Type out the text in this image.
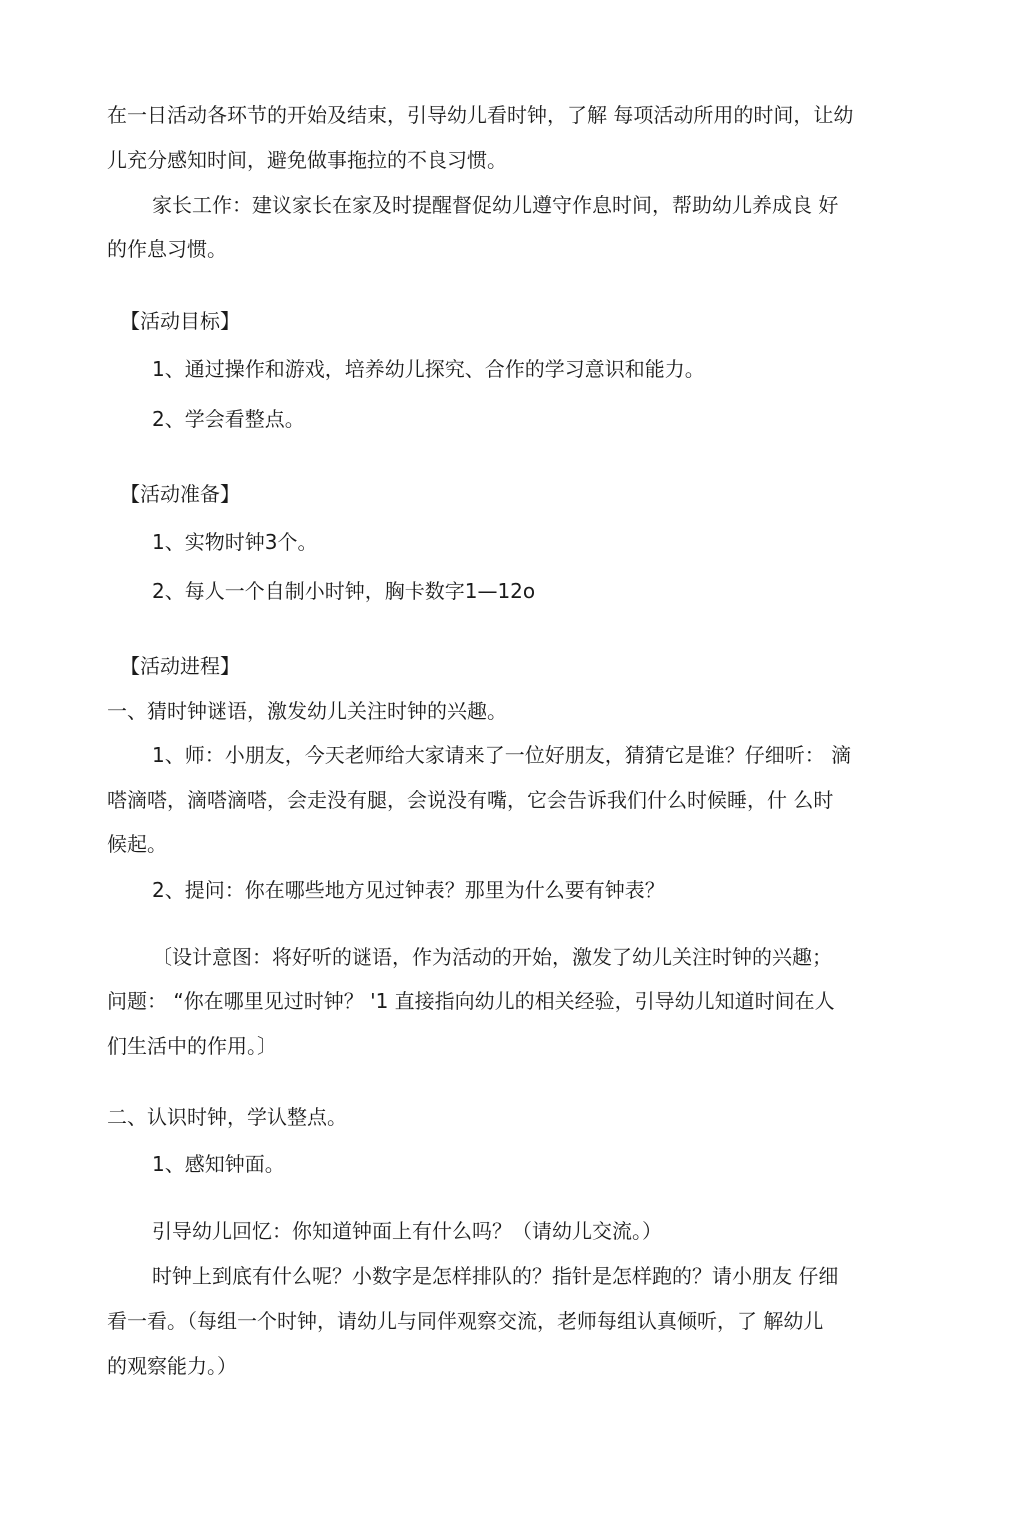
在一日活动各环节的开始及结束，引导幼儿看时钟，了解 每项活动所用的时间，让幼
儿充分感知时间，避免做事拖拉的不良习惯。
家长工作：建议家长在家及时提醒督促幼儿遵守作息时间，帮助幼儿养成良 好
的作息习惯。
【活动目标】
1、通过操作和游戏，培养幼儿探究、合作的学习意识和能力。
2、学会看整点。
【活动准备】
1、实物时钟3个。
2、每人一个自制小时钟，胸卡数字1—12o
【活动进程】
一、猜时钟谜语，激发幼儿关注时钟的兴趣。
1、师：小朋友，今天老师给大家请来了一位好朋友，猜猜它是谁？仔细听： 滴
嗒滴嗒，滴嗒滴嗒，会走没有腿，会说没有嘴，它会告诉我们什么时候睡，什 么时
候起。
2、提问：你在哪些地方见过钟表？那里为什么要有钟表？
〔设计意图：将好听的谜语，作为活动的开始，激发了幼儿关注时钟的兴趣；
问题： “你在哪里见过时钟？ '1 直接指向幼儿的相关经验，引导幼儿知道时间在人
们生活中的作用。〕
二、认识时钟，学认整点。
1、感知钟面。
引导幼儿回忆：你知道钟面上有什么吗？（请幼儿交流。）
时钟上到底有什么呢？小数字是怎样排队的？指针是怎样跑的？请小朋友 仔细
看一看。（每组一个时钟，请幼儿与同伴观察交流，老师每组认真倾听，了 解幼儿
的观察能力。）
